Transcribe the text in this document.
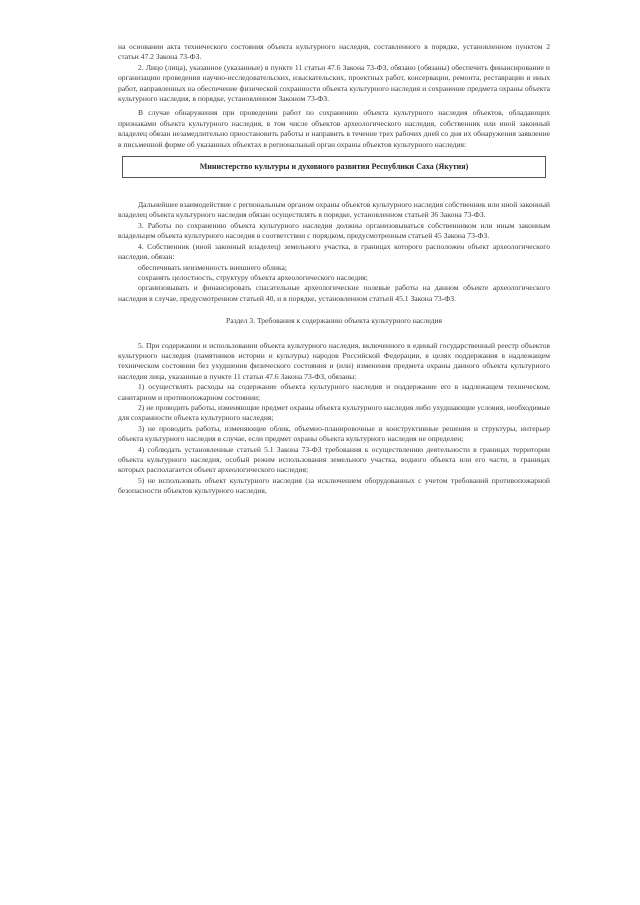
на основании акта технического состояния объекта культурного наследия, составленного в порядке, установленном пунктом 2 статьи 47.2 Закона 73-ФЗ.

2. Лицо (лица), указанное (указанные) в пункте 11 статьи 47.6 Закона 73-ФЗ, обязано (обязаны) обеспечить финансирование и организацию проведения научно-исследовательских, изыскательских, проектных работ, консервации, ремонта, реставрации и иных работ, направленных на обеспечение физической сохранности объекта культурного наследия и сохранение предмета охраны объекта культурного наследия, в порядке, установленном Законом 73-ФЗ.

В случае обнаружения при проведении работ по сохранению объекта культурного наследия объектов, обладающих признаками объекта культурного наследия, в том числе объектов археологического наследия, собственник или иной законный владелец обязан незамедлительно приостановить работы и направить в течение трех рабочих дней со дня их обнаружения заявление в письменной форме об указанных объектах в региональный орган охраны объектов культурного наследия:

Министерство культуры и духовного развития Республики Саха (Якутия)

Дальнейшее взаимодействие с региональным органом охраны объектов культурного наследия собственник или иной законный владелец объекта культурного наследия обязан осуществлять в порядке, установленном статьей 36 Закона 73-ФЗ.

3. Работы по сохранению объекта культурного наследия должны организовываться собственником или иным законным владельцем объекта культурного наследия в соответствии с порядком, предусмотренным статьей 45 Закона 73-ФЗ.

4. Собственник (иной законный владелец) земельного участка, в границах которого расположен объект археологического наследия, обязан:

обеспечивать неизменность внешнего облика;

сохранять целостность, структуру объекта археологического наследия;

организовывать и финансировать спасательные археологические полевые работы на данном объекте археологического наследия в случае, предусмотренном статьей 40, и в порядке, установленном статьей 45.1 Закона 73-ФЗ.

Раздел 3. Требования к содержанию объекта культурного наследия

5. При содержании и использовании объекта культурного наследия, включенного в единый государственный реестр объектов культурного наследия (памятников истории и культуры) народов Российской Федерации, в целях поддержания в надлежащем техническом состоянии без ухудшения физического состояния и (или) изменения предмета охраны данного объекта культурного наследия лица, указанные в пункте 11 статьи 47.6 Закона 73-ФЗ, обязаны:

1) осуществлять расходы на содержание объекта культурного наследия и поддержание его в надлежащем техническом, санитарном и противопожарном состоянии;

2) не проводить работы, изменяющие предмет охраны объекта культурного наследия либо ухудшающие условия, необходимые для сохранности объекта культурного наследия;

3) не проводить работы, изменяющие облик, объемно-планировочные и конструктивные решения и структуры, интерьер объекта культурного наследия в случае, если предмет охраны объекта культурного наследия не определен;

4) соблюдать установленные статьей 5.1 Закона 73-ФЗ требования к осуществлению деятельности в границах территории объекта культурного наследия, особый режим использования земельного участка, водного объекта или его части, в границах которых располагается объект археологического наследия;

5) не использовать объект культурного наследия (за исключением оборудованных с учетом требований противопожарной безопасности объектов культурного наследия,
